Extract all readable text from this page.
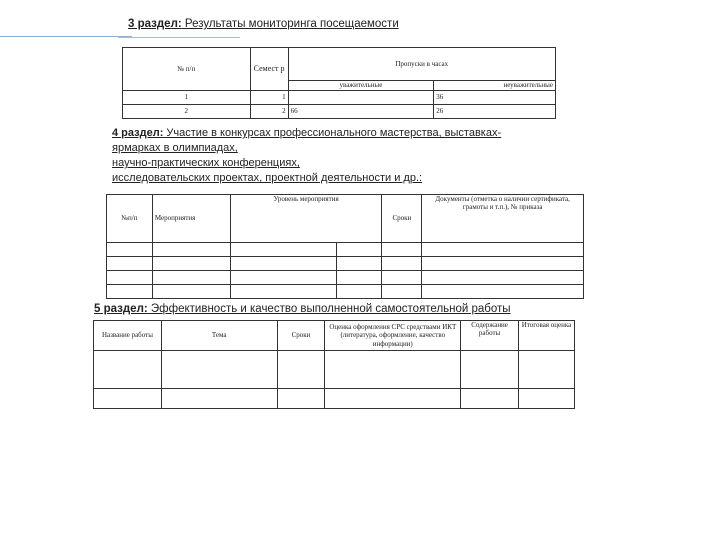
3 раздел: Результаты мониторинга посещаемости
№ п/п	Семест р	Пропуски в часах	
		уважительные	неуважительные
1	1		36
2	2	66	26
4 раздел: Участие в конкурсах профессионального мастерства, выставках-
ярмарках в олимпиадах,
научно-практических конференциях,
исследовательских проектах, проектной деятельности и др.:
№п/п	Мероприятия	Уровень мероприятия		Сроки	Документы (отметка о наличии сертификата, грамоты и т.п.), № приказа

5 раздел: Эффективность и качество выполненной самостоятельной работы
Название работы	Тема	Сроки	Оценка оформления СРС средствами ИКТ (литература, оформление, качество информации)	Содержание работы	Итоговая оценка
